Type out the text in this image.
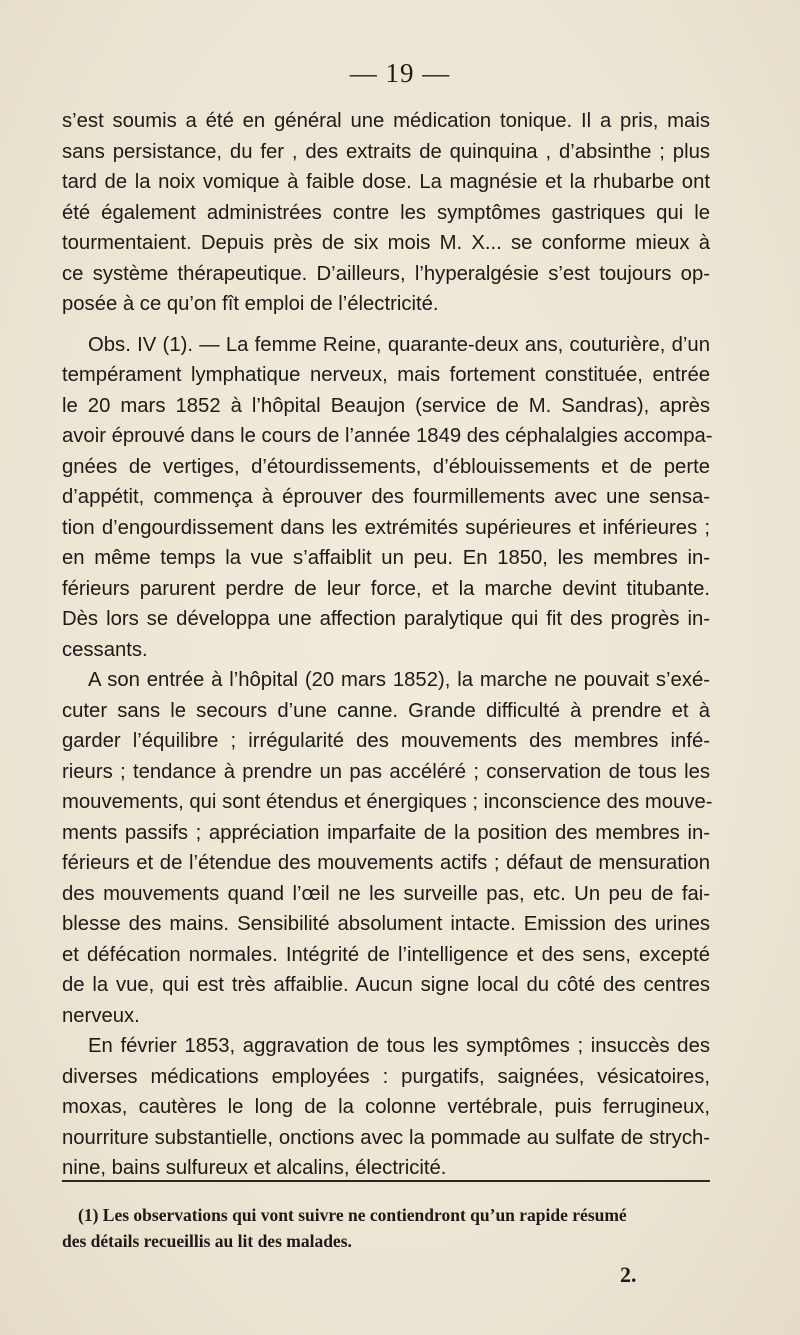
— 19 —
s’est soumis a été en général une médication tonique. Il a pris, mais
sans persistance, du fer , des extraits de quinquina , d’absinthe ; plus
tard de la noix vomique à faible dose. La magnésie et la rhubarbe ont
été également administrées contre les symptômes gastriques qui le
tourmentaient. Depuis près de six mois M. X... se conforme mieux à
ce système thérapeutique. D’ailleurs, l’hyperalgésie s’est toujours op-
posée à ce qu’on fît emploi de l’électricité.
Obs. IV (1). — La femme Reine, quarante-deux ans, couturière, d’un
tempérament lymphatique nerveux, mais fortement constituée, entrée
le 20 mars 1852 à l’hôpital Beaujon (service de M. Sandras), après
avoir éprouvé dans le cours de l’année 1849 des céphalalgies accompa-
gnées de vertiges, d’étourdissements, d’éblouissements et de perte
d’appétit, commença à éprouver des fourmillements avec une sensa-
tion d’engourdissement dans les extrémités supérieures et inférieures ;
en même temps la vue s’affaiblit un peu. En 1850, les membres in-
férieurs parurent perdre de leur force, et la marche devint titubante.
Dès lors se développa une affection paralytique qui fit des progrès in-
cessants.
A son entrée à l’hôpital (20 mars 1852), la marche ne pouvait s’exé-
cuter sans le secours d’une canne. Grande difficulté à prendre et à
garder l’équilibre ; irrégularité des mouvements des membres infé-
rieurs ; tendance à prendre un pas accéléré ; conservation de tous les
mouvements, qui sont étendus et énergiques ; inconscience des mouve-
ments passifs ; appréciation imparfaite de la position des membres in-
férieurs et de l’étendue des mouvements actifs ; défaut de mensuration
des mouvements quand l’œil ne les surveille pas, etc. Un peu de fai-
blesse des mains. Sensibilité absolument intacte. Emission des urines
et défécation normales. Intégrité de l’intelligence et des sens, excepté
de la vue, qui est très affaiblie. Aucun signe local du côté des centres
nerveux.
En février 1853, aggravation de tous les symptômes ; insuccès des
diverses médications employées : purgatifs, saignées, vésicatoires,
moxas, cautères le long de la colonne vertébrale, puis ferrugineux,
nourriture substantielle, onctions avec la pommade au sulfate de strych-
nine, bains sulfureux et alcalins, électricité.
(1) Les observations qui vont suivre ne contiendront qu’un rapide résumé
des détails recueillis au lit des malades.
2.
